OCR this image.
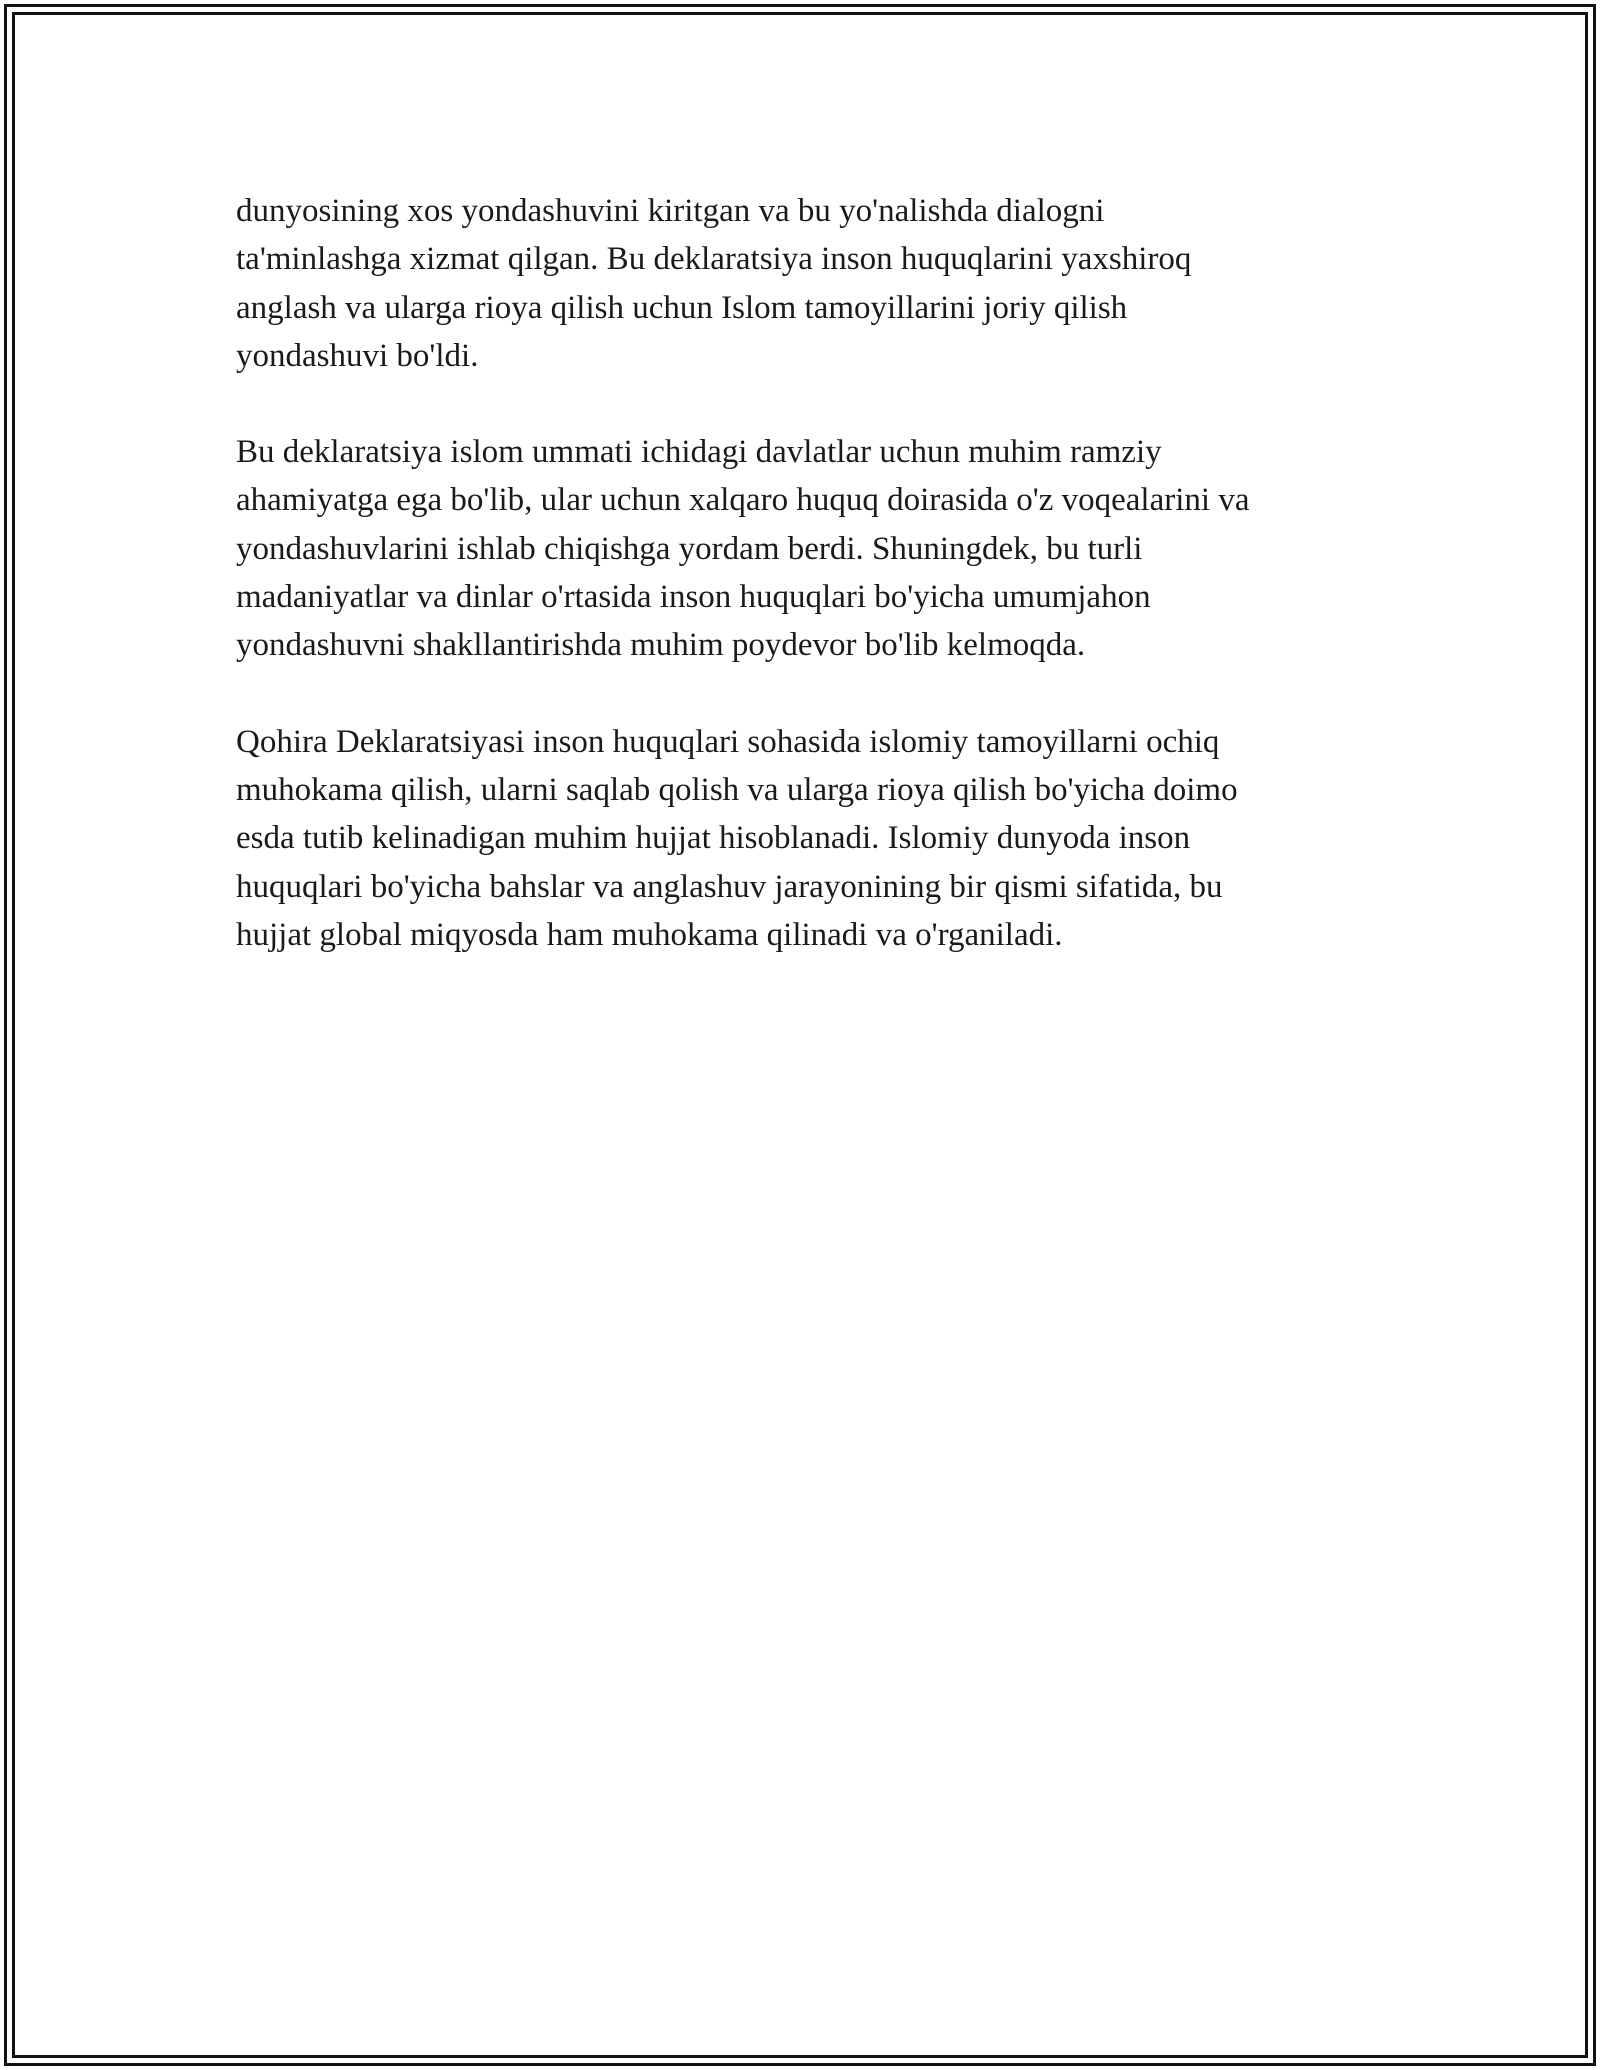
dunyosining xos yondashuvini kiritgan va bu yo'nalishda dialogni
ta'minlashga xizmat qilgan. Bu deklaratsiya inson huquqlarini yaxshiroq
anglash va ularga rioya qilish uchun Islom tamoyillarini joriy qilish
yondashuvi bo'ldi.

Bu deklaratsiya islom ummati ichidagi davlatlar uchun muhim ramziy
ahamiyatga ega bo'lib, ular uchun xalqaro huquq doirasida o'z voqealarini va
yondashuvlarini ishlab chiqishga yordam berdi. Shuningdek, bu turli
madaniyatlar va dinlar o'rtasida inson huquqlari bo'yicha umumjahon
yondashuvni shakllantirishda muhim poydevor bo'lib kelmoqda.

Qohira Deklaratsiyasi inson huquqlari sohasida islomiy tamoyillarni ochiq
muhokama qilish, ularni saqlab qolish va ularga rioya qilish bo'yicha doimo
esda tutib kelinadigan muhim hujjat hisoblanadi. Islomiy dunyoda inson
huquqlari bo'yicha bahslar va anglashuv jarayonining bir qismi sifatida, bu
hujjat global miqyosda ham muhokama qilinadi va o'rganiladi.
